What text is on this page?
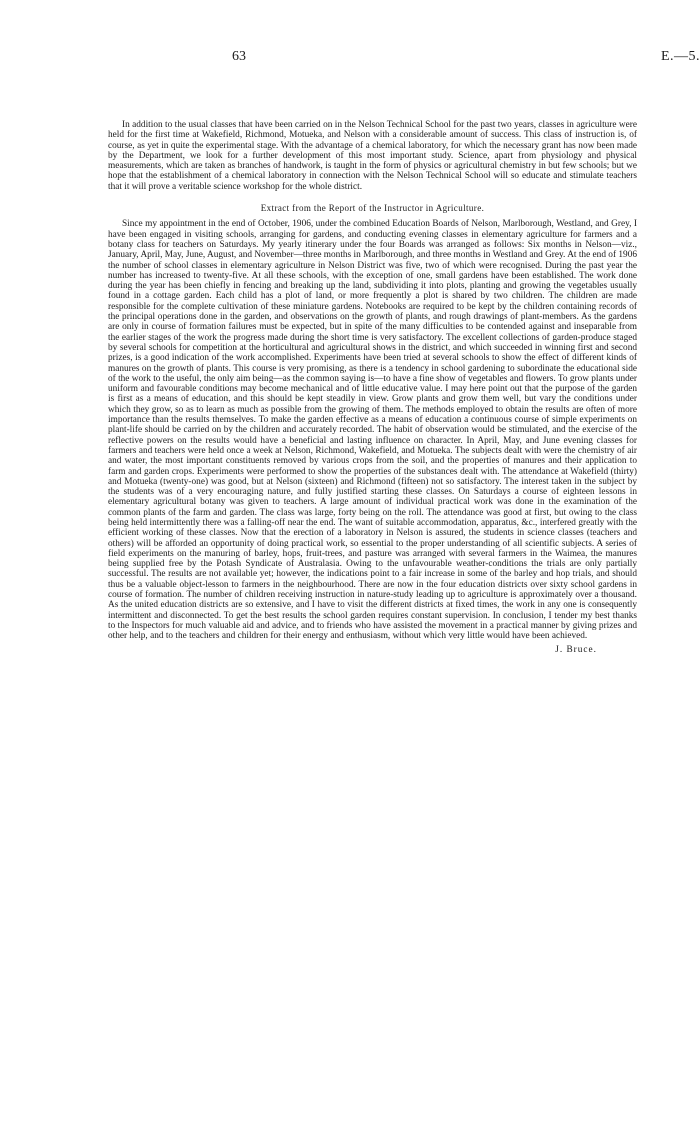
63	E.—5.

In addition to the usual classes that have been carried on in the Nelson Technical School for the past two years, classes in agriculture were held for the first time at Wakefield, Richmond, Motueka, and Nelson with a considerable amount of success. This class of instruction is, of course, as yet in quite the experimental stage. With the advantage of a chemical laboratory, for which the necessary grant has now been made by the Department, we look for a further development of this most important study. Science, apart from physiology and physical measurements, which are taken as branches of handwork, is taught in the form of physics or agricultural chemistry in but few schools; but we hope that the establishment of a chemical laboratory in connection with the Nelson Technical School will so educate and stimulate teachers that it will prove a veritable science workshop for the whole district.

Extract from the Report of the Instructor in Agriculture.

Since my appointment in the end of October, 1906, under the combined Education Boards of Nelson, Marlborough, Westland, and Grey, I have been engaged in visiting schools, arranging for gardens, and conducting evening classes in elementary agriculture for farmers and a botany class for teachers on Saturdays. My yearly itinerary under the four Boards was arranged as follows: Six months in Nelson—viz., January, April, May, June, August, and November—three months in Marlborough, and three months in Westland and Grey. At the end of 1906 the number of school classes in elementary agriculture in Nelson District was five, two of which were recognised. During the past year the number has increased to twenty-five. At all these schools, with the exception of one, small gardens have been established. The work done during the year has been chiefly in fencing and breaking up the land, subdividing it into plots, planting and growing the vegetables usually found in a cottage garden. Each child has a plot of land, or more frequently a plot is shared by two children. The children are made responsible for the complete cultivation of these miniature gardens. Notebooks are required to be kept by the children containing records of the principal operations done in the garden, and observations on the growth of plants, and rough drawings of plant-members. As the gardens are only in course of formation failures must be expected, but in spite of the many difficulties to be contended against and inseparable from the earlier stages of the work the progress made during the short time is very satisfactory. The excellent collections of garden-produce staged by several schools for competition at the horticultural and agricultural shows in the district, and which succeeded in winning first and second prizes, is a good indication of the work accomplished. Experiments have been tried at several schools to show the effect of different kinds of manures on the growth of plants. This course is very promising, as there is a tendency in school gardening to subordinate the educational side of the work to the useful, the only aim being—as the common saying is—to have a fine show of vegetables and flowers. To grow plants under uniform and favourable conditions may become mechanical and of little educative value. I may here point out that the purpose of the garden is first as a means of education, and this should be kept steadily in view. Grow plants and grow them well, but vary the conditions under which they grow, so as to learn as much as possible from the growing of them. The methods employed to obtain the results are often of more importance than the results themselves. To make the garden effective as a means of education a continuous course of simple experiments on plant-life should be carried on by the children and accurately recorded. The habit of observation would be stimulated, and the exercise of the reflective powers on the results would have a beneficial and lasting influence on character. In April, May, and June evening classes for farmers and teachers were held once a week at Nelson, Richmond, Wakefield, and Motueka. The subjects dealt with were the chemistry of air and water, the most important constituents removed by various crops from the soil, and the properties of manures and their application to farm and garden crops. Experiments were performed to show the properties of the substances dealt with. The attendance at Wakefield (thirty) and Motueka (twenty-one) was good, but at Nelson (sixteen) and Richmond (fifteen) not so satisfactory. The interest taken in the subject by the students was of a very encouraging nature, and fully justified starting these classes. On Saturdays a course of eighteen lessons in elementary agricultural botany was given to teachers. A large amount of individual practical work was done in the examination of the common plants of the farm and garden. The class was large, forty being on the roll. The attendance was good at first, but owing to the class being held intermittently there was a falling-off near the end. The want of suitable accommodation, apparatus, &c., interfered greatly with the efficient working of these classes. Now that the erection of a laboratory in Nelson is assured, the students in science classes (teachers and others) will be afforded an opportunity of doing practical work, so essential to the proper understanding of all scientific subjects. A series of field experiments on the manuring of barley, hops, fruit-trees, and pasture was arranged with several farmers in the Waimea, the manures being supplied free by the Potash Syndicate of Australasia. Owing to the unfavourable weather-conditions the trials are only partially successful. The results are not available yet; however, the indications point to a fair increase in some of the barley and hop trials, and should thus be a valuable object-lesson to farmers in the neighbourhood. There are now in the four education districts over sixty school gardens in course of formation. The number of children receiving instruction in nature-study leading up to agriculture is approximately over a thousand. As the united education districts are so extensive, and I have to visit the different districts at fixed times, the work in any one is consequently intermittent and disconnected. To get the best results the school garden requires constant supervision. In conclusion, I tender my best thanks to the Inspectors for much valuable aid and advice, and to friends who have assisted the movement in a practical manner by giving prizes and other help, and to the teachers and children for their energy and enthusiasm, without which very little would have been achieved.

J. Bruce.
